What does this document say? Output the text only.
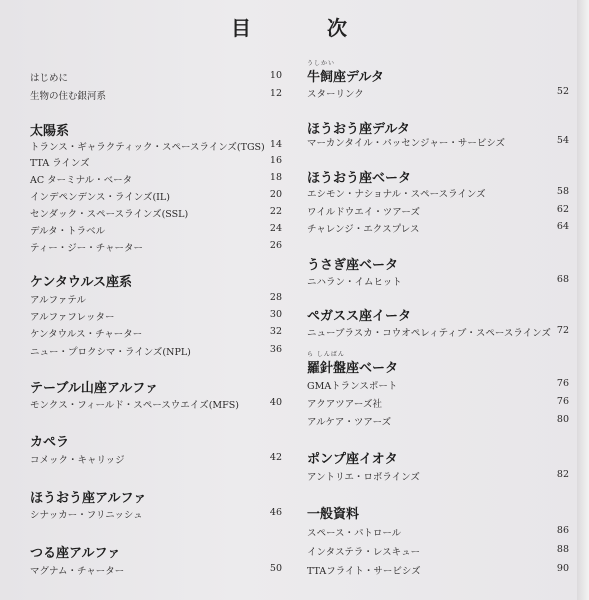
目	次
はじめに	10
生物の住む銀河系	12
太陽系
トランス・ギャラクティック・スペースラインズ(TGS) 14
TTA ラインズ	16
AC ターミナル・ベータ	18
インデペンデンス・ラインズ(IL)	20
センダック・スペースラインズ(SSL)	22
デルタ・トラベル	24
ティー・ジー・チャーター	26
ケンタウルス座系
アルファテル	28
アルファフレッター	30
ケンタウルス・チャーター	32
ニュー・プロクシマ・ラインズ(NPL)	36
テーブル山座アルファ
モンクス・フィールド・スペースウエイズ(MFS)	40
カペラ
コメック・キャリッジ	42
ほうおう座アルファ
シナッカー・フリニッシュ	46
つる座アルファ
マグナム・チャーター	50
うしかい
牛飼座デルタ
スターリンク	52
ほうおう座デルタ
マーカンタイル・パッセンジャー・サービシズ	54
ほうおう座ベータ
エシモン・ナショナル・スペースラインズ	58
ワイルドウエイ・ツアーズ	62
チャレンジ・エクスプレス	64
うさぎ座ベータ
ニハラン・イムヒット	68
ペガスス座イータ
ニューブラスカ・コウオペレィティブ・スペースラインズ 72
ら しんばん
羅針盤座ベータ
GMAトランスポート	76
アクアツアーズ社	76
アルケア・ツアーズ	80
ポンプ座イオタ
アントリエ・ロボラインズ	82
一般資料
スペース・パトロール	86
インタステラ・レスキュー	88
TTAフライト・サービシズ	90
